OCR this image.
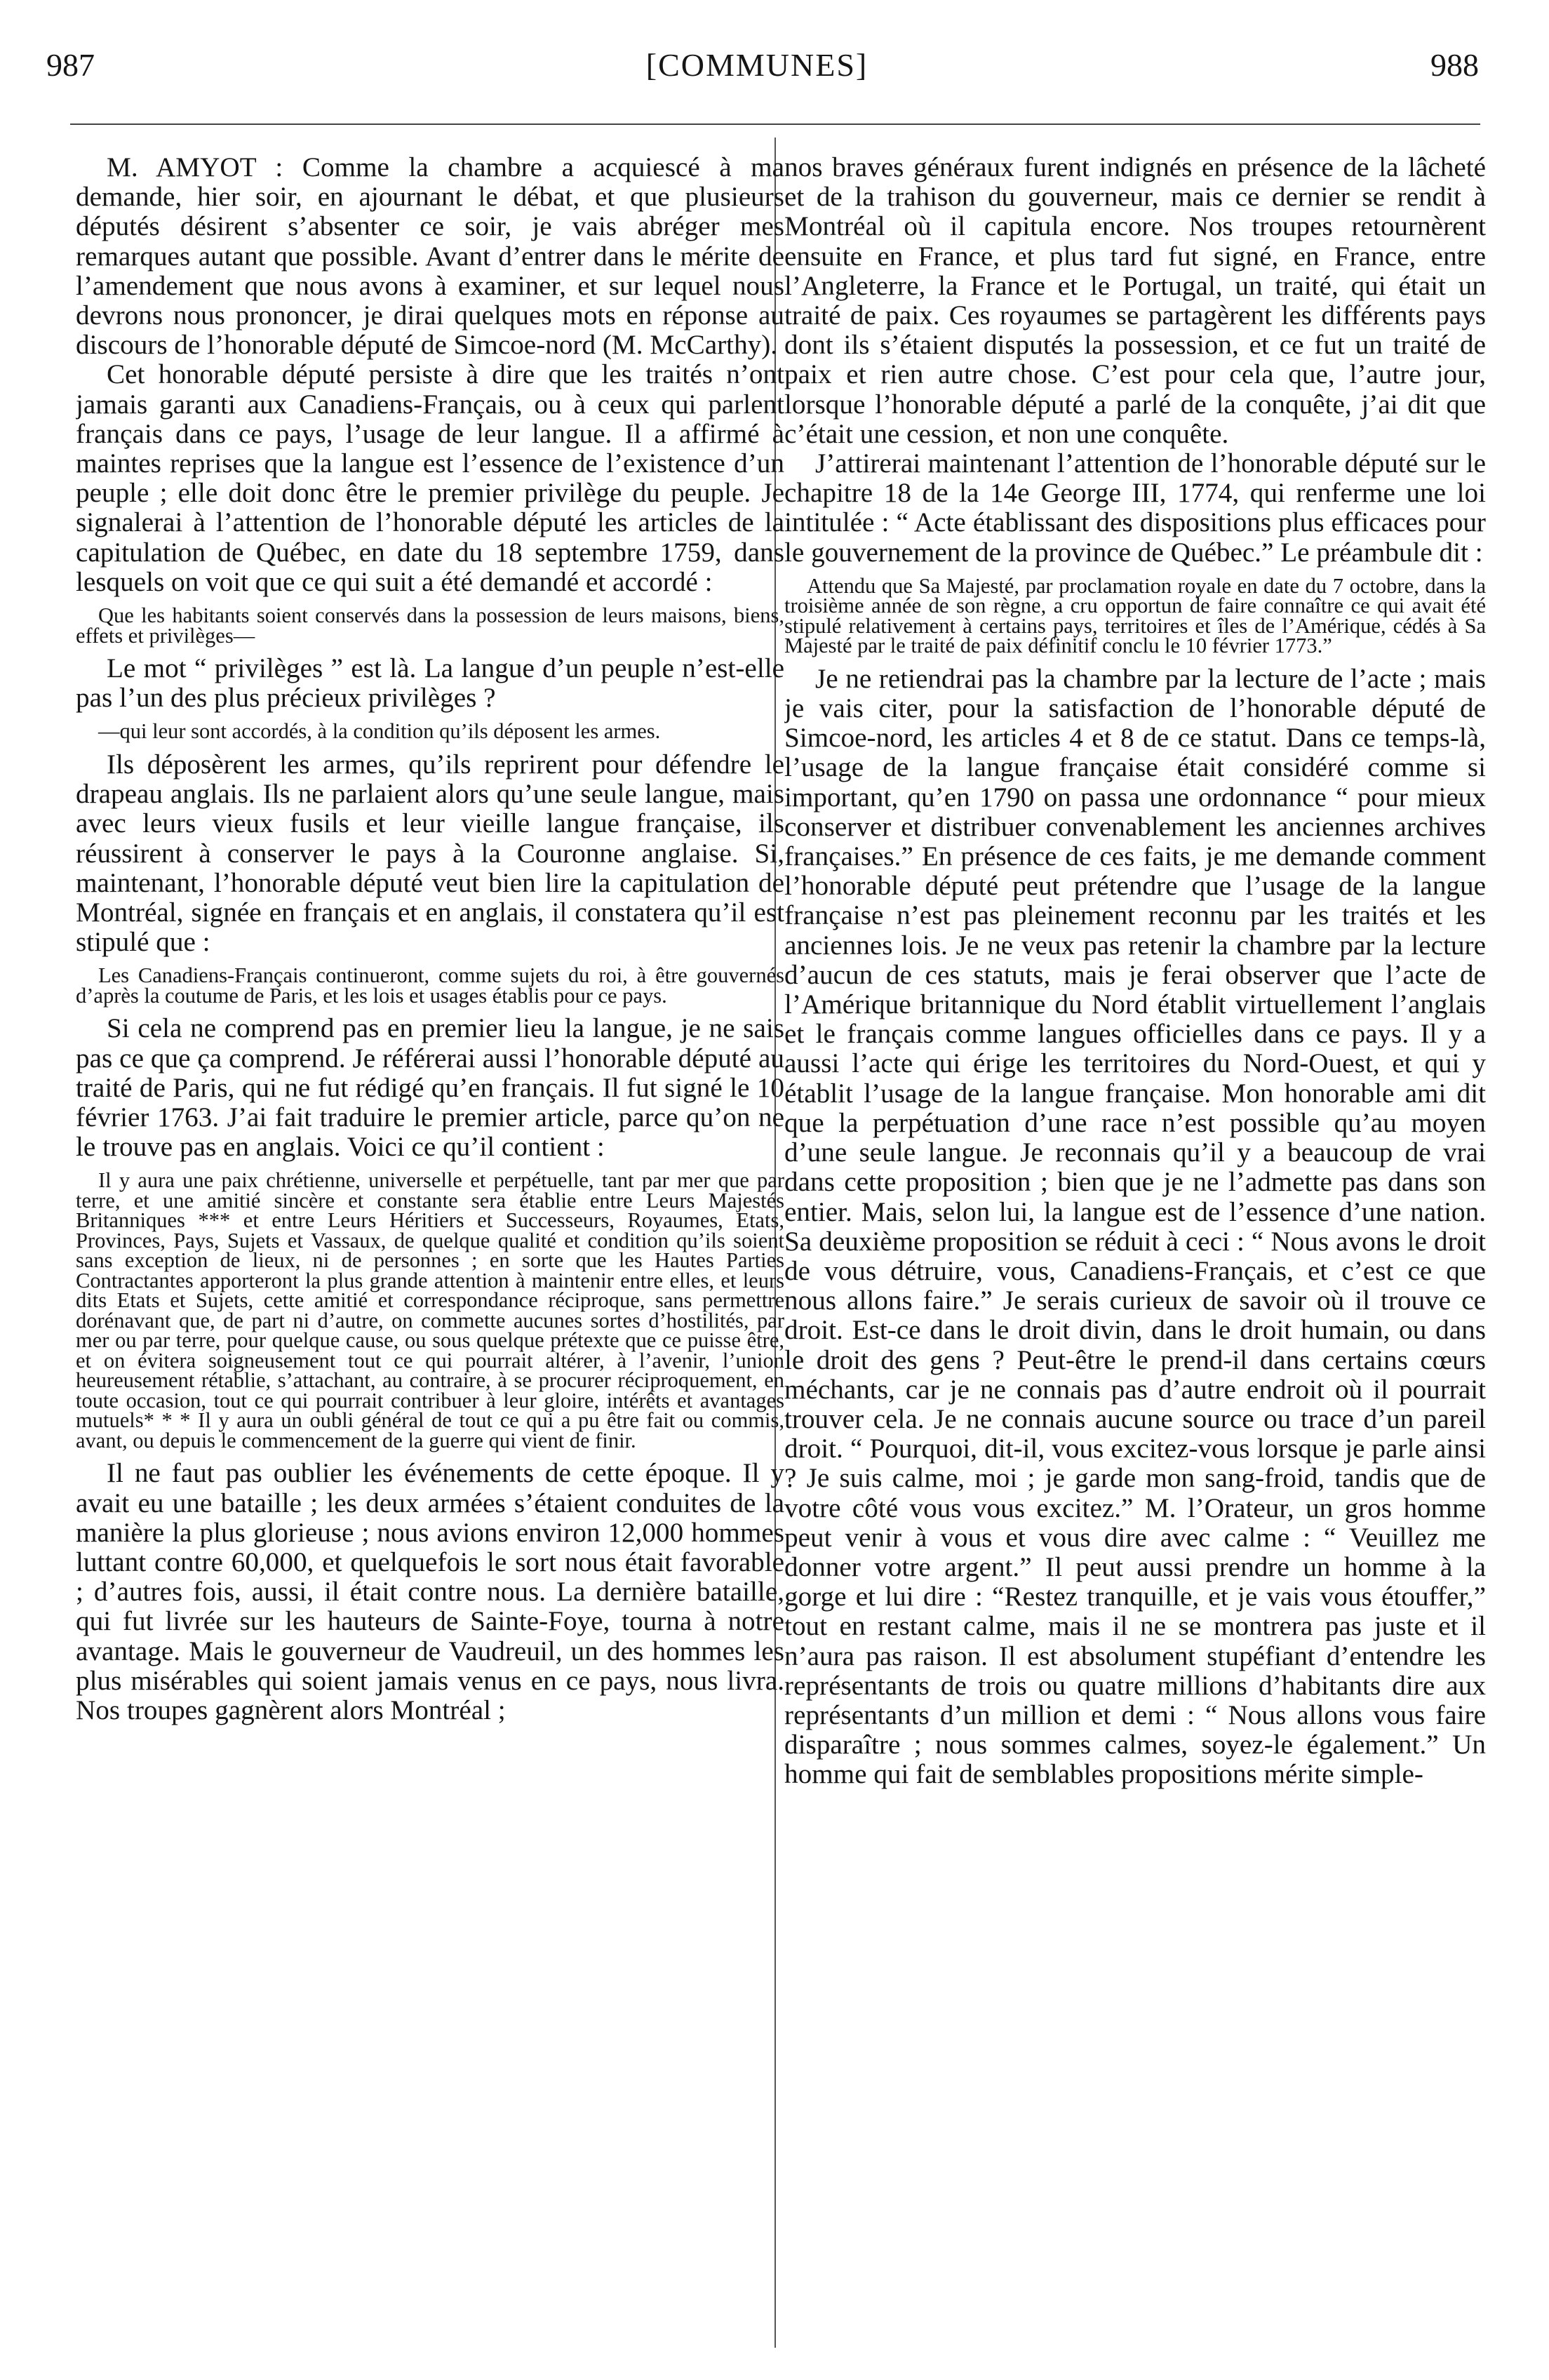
987	[COMMUNES]	988

M. AMYOT : Comme la chambre a acquiescé à ma demande, hier soir, en ajournant le débat, et que plusieurs députés désirent s’absenter ce soir, je vais abréger mes remarques autant que possible. Avant d’entrer dans le mérite de l’amendement que nous avons à examiner, et sur lequel nous devrons nous prononcer, je dirai quelques mots en réponse au discours de l’honorable député de Simcoe-nord (M. McCarthy).

Cet honorable député persiste à dire que les traités n’ont jamais garanti aux Canadiens-Français, ou à ceux qui parlent français dans ce pays, l’usage de leur langue. Il a affirmé à maintes reprises que la langue est l’essence de l’existence d’un peuple ; elle doit donc être le premier privilège du peuple. Je signalerai à l’attention de l’honorable député les articles de la capitulation de Québec, en date du 18 septembre 1759, dans lesquels on voit que ce qui suit a été demandé et accordé :

Que les habitants soient conservés dans la possession de leurs maisons, biens, effets et privilèges—

Le mot “ privilèges ” est là. La langue d’un peuple n’est-elle pas l’un des plus précieux privilèges ?

—qui leur sont accordés, à la condition qu’ils déposent les armes.

Ils déposèrent les armes, qu’ils reprirent pour défendre le drapeau anglais. Ils ne parlaient alors qu’une seule langue, mais avec leurs vieux fusils et leur vieille langue française, ils réussirent à conserver le pays à la Couronne anglaise. Si, maintenant, l’honorable député veut bien lire la capitulation de Montréal, signée en français et en anglais, il constatera qu’il est stipulé que :

Les Canadiens-Français continueront, comme sujets du roi, à être gouvernés d’après la coutume de Paris, et les lois et usages établis pour ce pays.

Si cela ne comprend pas en premier lieu la langue, je ne sais pas ce que ça comprend. Je référerai aussi l’honorable député au traité de Paris, qui ne fut rédigé qu’en français. Il fut signé le 10 février 1763. J’ai fait traduire le premier article, parce qu’on ne le trouve pas en anglais. Voici ce qu’il contient :

Il y aura une paix chrétienne, universelle et perpétuelle, tant par mer que par terre, et une amitié sincère et constante sera établie entre Leurs Majestés Britanniques *** et entre Leurs Héritiers et Successeurs, Royaumes, Etats, Provinces, Pays, Sujets et Vassaux, de quelque qualité et condition qu’ils soient sans exception de lieux, ni de personnes ; en sorte que les Hautes Parties Contractantes apporteront la plus grande attention à maintenir entre elles, et leurs dits Etats et Sujets, cette amitié et correspondance réciproque, sans permettre dorénavant que, de part ni d’autre, on commette aucunes sortes d’hostilités, par mer ou par terre, pour quelque cause, ou sous quelque prétexte que ce puisse être, et on évitera soigneusement tout ce qui pourrait altérer, à l’avenir, l’union heureusement rétablie, s’attachant, au contraire, à se procurer réciproquement, en toute occasion, tout ce qui pourrait contribuer à leur gloire, intérêts et avantages mutuels* * * Il y aura un oubli général de tout ce qui a pu être fait ou commis, avant, ou depuis le commencement de la guerre qui vient de finir.

Il ne faut pas oublier les événements de cette époque. Il y avait eu une bataille ; les deux armées s’étaient conduites de la manière la plus glorieuse ; nous avions environ 12,000 hommes luttant contre 60,000, et quelquefois le sort nous était favorable ; d’autres fois, aussi, il était contre nous. La dernière bataille, qui fut livrée sur les hauteurs de Sainte-Foye, tourna à notre avantage. Mais le gouverneur de Vaudreuil, un des hommes les plus misérables qui soient jamais venus en ce pays, nous livra. Nos troupes gagnèrent alors Montréal ;

nos braves généraux furent indignés en présence de la lâcheté et de la trahison du gouverneur, mais ce dernier se rendit à Montréal où il capitula encore. Nos troupes retournèrent ensuite en France, et plus tard fut signé, en France, entre l’Angleterre, la France et le Portugal, un traité, qui était un traité de paix. Ces royaumes se partagèrent les différents pays dont ils s’étaient disputés la possession, et ce fut un traité de paix et rien autre chose. C’est pour cela que, l’autre jour, lorsque l’honorable député a parlé de la conquête, j’ai dit que c’était une cession, et non une conquête.

J’attirerai maintenant l’attention de l’honorable député sur le chapitre 18 de la 14e George III, 1774, qui renferme une loi intitulée : “ Acte établissant des dispositions plus efficaces pour le gouvernement de la province de Québec.” Le préambule dit :

Attendu que Sa Majesté, par proclamation royale en date du 7 octobre, dans la troisième année de son règne, a cru opportun de faire connaître ce qui avait été stipulé relativement à certains pays, territoires et îles de l’Amérique, cédés à Sa Majesté par le traité de paix définitif conclu le 10 février 1773.”

Je ne retiendrai pas la chambre par la lecture de l’acte ; mais je vais citer, pour la satisfaction de l’honorable député de Simcoe-nord, les articles 4 et 8 de ce statut. Dans ce temps-là, l’usage de la langue française était considéré comme si important, qu’en 1790 on passa une ordonnance “ pour mieux conserver et distribuer convenablement les anciennes archives françaises.” En présence de ces faits, je me demande comment l’honorable député peut prétendre que l’usage de la langue française n’est pas pleinement reconnu par les traités et les anciennes lois. Je ne veux pas retenir la chambre par la lecture d’aucun de ces statuts, mais je ferai observer que l’acte de l’Amérique britannique du Nord établit virtuellement l’anglais et le français comme langues officielles dans ce pays. Il y a aussi l’acte qui érige les territoires du Nord-Ouest, et qui y établit l’usage de la langue française. Mon honorable ami dit que la perpétuation d’une race n’est possible qu’au moyen d’une seule langue. Je reconnais qu’il y a beaucoup de vrai dans cette proposition ; bien que je ne l’admette pas dans son entier. Mais, selon lui, la langue est de l’essence d’une nation. Sa deuxième proposition se réduit à ceci : “ Nous avons le droit de vous détruire, vous, Canadiens-Français, et c’est ce que nous allons faire.” Je serais curieux de savoir où il trouve ce droit. Est-ce dans le droit divin, dans le droit humain, ou dans le droit des gens ? Peut-être le prend-il dans certains cœurs méchants, car je ne connais pas d’autre endroit où il pourrait trouver cela. Je ne connais aucune source ou trace d’un pareil droit. “ Pourquoi, dit-il, vous excitez-vous lorsque je parle ainsi ? Je suis calme, moi ; je garde mon sang-froid, tandis que de votre côté vous vous excitez.” M. l’Orateur, un gros homme peut venir à vous et vous dire avec calme : “ Veuillez me donner votre argent.” Il peut aussi prendre un homme à la gorge et lui dire : “Restez tranquille, et je vais vous étouffer,” tout en restant calme, mais il ne se montrera pas juste et il n’aura pas raison. Il est absolument stupéfiant d’entendre les représentants de trois ou quatre millions d’habitants dire aux représentants d’un million et demi : “ Nous allons vous faire disparaître ; nous sommes calmes, soyez-le également.” Un homme qui fait de semblables propositions mérite simple-
